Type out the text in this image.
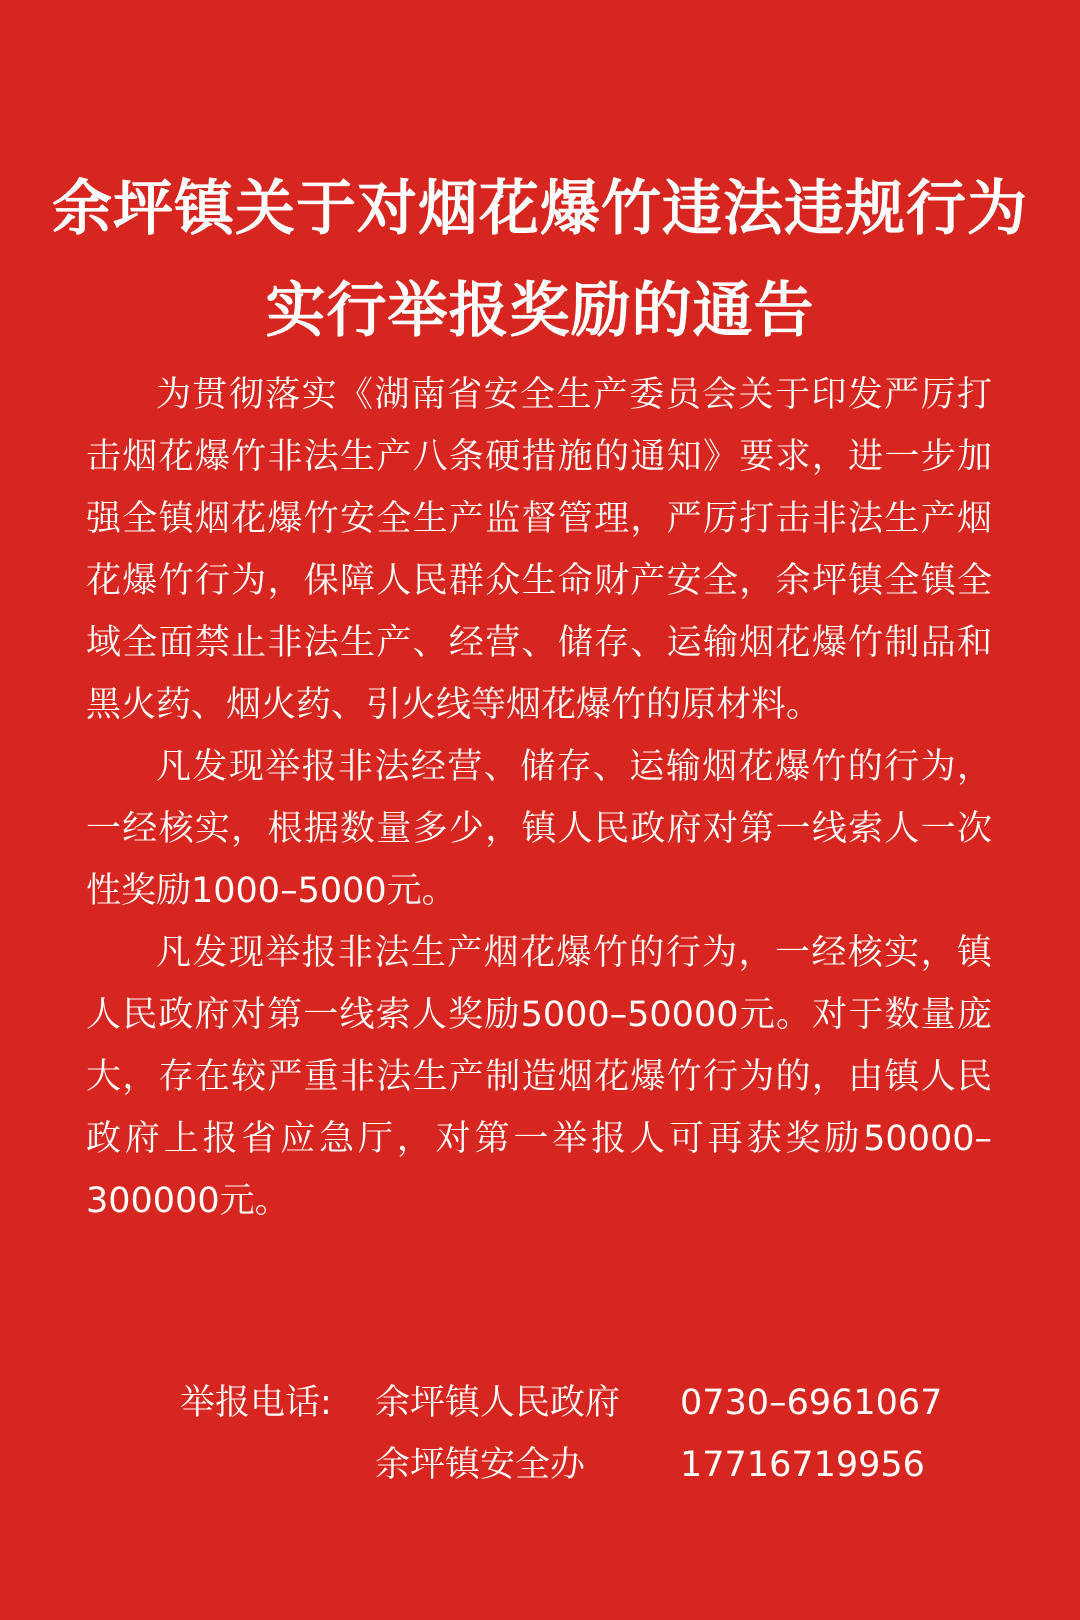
余坪镇关于对烟花爆竹违法违规行为
实行举报奖励的通告

为贯彻落实《湖南省安全生产委员会关于印发严厉打击烟花爆竹非法生产八条硬措施的通知》要求，进一步加强全镇烟花爆竹安全生产监督管理，严厉打击非法生产烟花爆竹行为，保障人民群众生命财产安全，余坪镇全镇全域全面禁止非法生产、经营、储存、运输烟花爆竹制品和黑火药、烟火药、引火线等烟花爆竹的原材料。

凡发现举报非法经营、储存、运输烟花爆竹的行为，一经核实，根据数量多少，镇人民政府对第一线索人一次性奖励1000–5000元。

凡发现举报非法生产烟花爆竹的行为，一经核实，镇人民政府对第一线索人奖励5000–50000元。对于数量庞大，存在较严重非法生产制造烟花爆竹行为的，由镇人民政府上报省应急厅，对第一举报人可再获奖励50000–300000元。

举报电话:	余坪镇人民政府	0730–6961067
余坪镇安全办	17716719956
